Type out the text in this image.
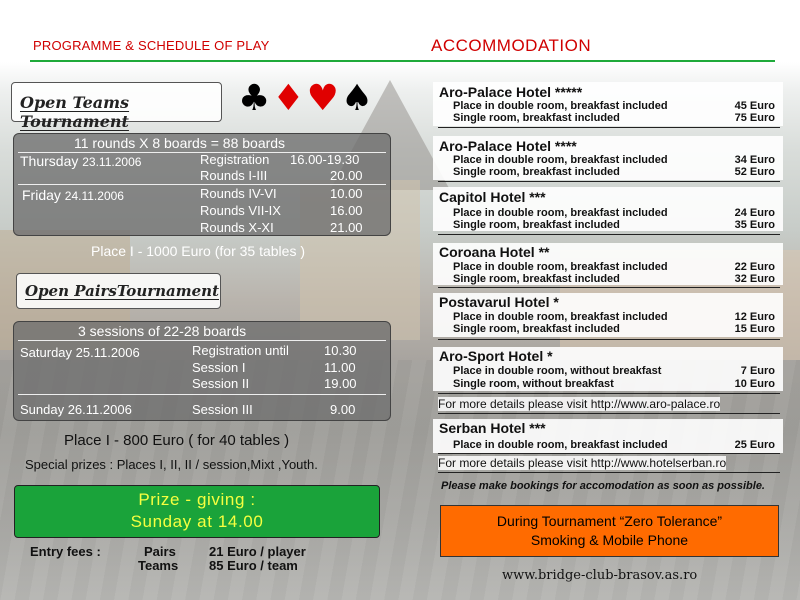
PROGRAMME & SCHEDULE OF PLAY	ACCOMMODATION
Open Teams Tournament
♣♦♥♠
11 rounds X 8 boards = 88 boards
Thursday 23.11.2006	Registration 16.00-19.30
Rounds I-III	20.00
Friday 24.11.2006	Rounds IV-VI	10.00
Rounds VII-IX	16.00
Rounds X-XI	21.00
Place I - 1000 Euro (for 35 tables )
Open PairsTournament
3 sessions of 22-28 boards
Saturday 25.11.2006	Registration until	10.30
Session I	11.00
Session II	19.00
Sunday 26.11.2006	Session III	9.00
Place I - 800 Euro ( for 40 tables )
Special prizes : Places I, II, II / session,Mixt ,Youth.
Prize - giving :
Sunday at 14.00
Entry fees :	Pairs	21 Euro / player
Teams 85 Euro / team
Aro-Palace Hotel *****
Place in double room, breakfast included	45 Euro
Single room, breakfast included	75 Euro
Aro-Palace Hotel ****
Place in double room, breakfast included	34 Euro
Single room, breakfast included	52 Euro
Capitol Hotel ***
Place in double room, breakfast included	24 Euro
Single room, breakfast included	35 Euro
Coroana Hotel **
Place in double room, breakfast included	22 Euro
Single room, breakfast included	32 Euro
Postavarul Hotel *
Place in double room, breakfast included	12 Euro
Single room, breakfast included	15 Euro
Aro-Sport Hotel *
Place in double room, without breakfast	7 Euro
Single room, without breakfast	10 Euro
For more details please visit http://www.aro-palace.ro
Serban Hotel ***
Place in double room, breakfast included	25 Euro
For more details please visit http://www.hotelserban.ro
Please make bookings for accomodation as soon as possible.
During Tournament “Zero Tolerance”
Smoking & Mobile Phone
www.bridge-club-brasov.as.ro
